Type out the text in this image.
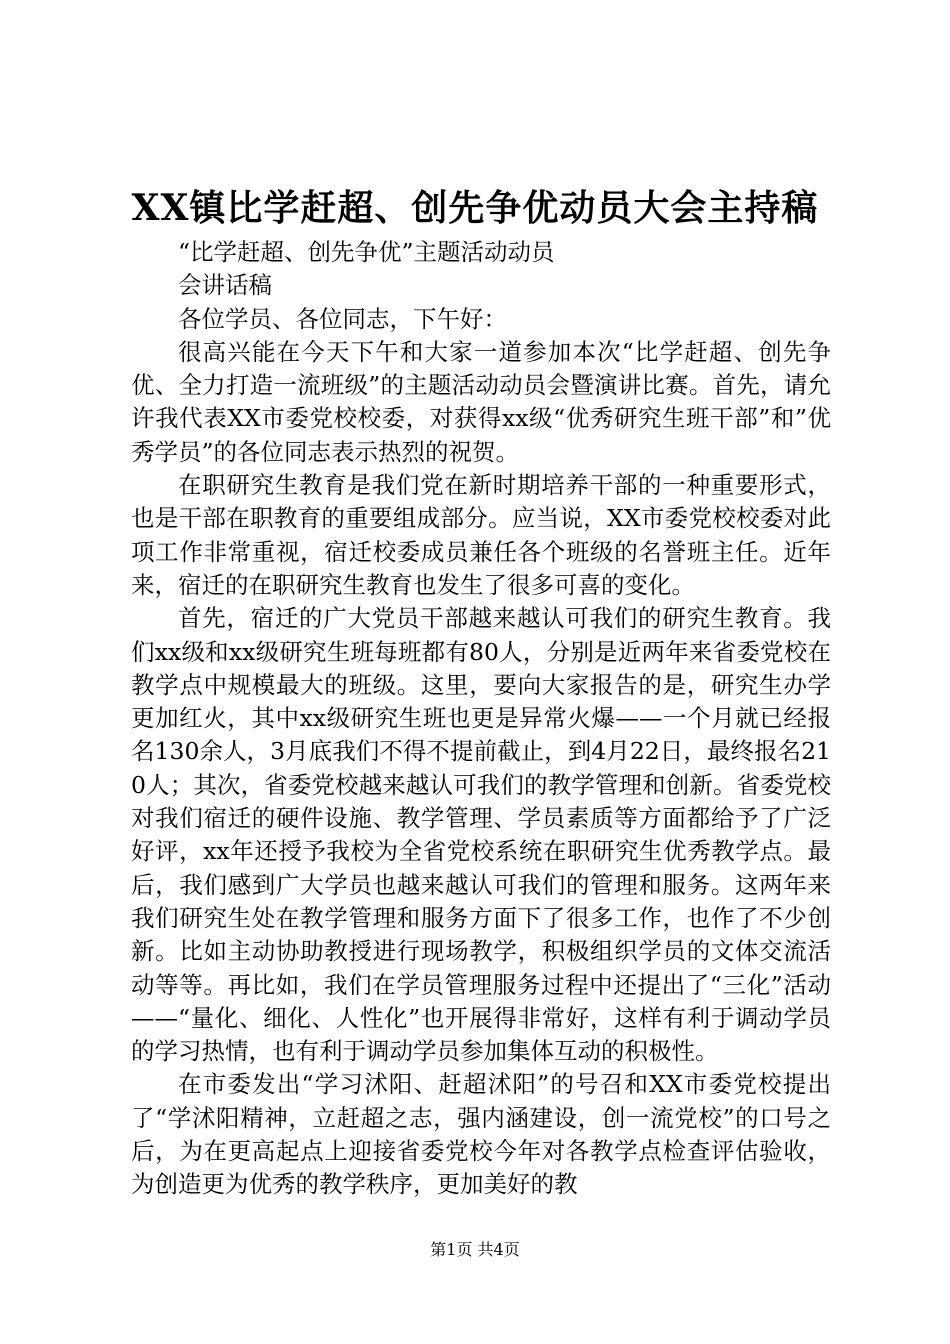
XX镇比学赶超、创先争优动员大会主持稿

“比学赶超、创先争优”主题活动动员

会讲话稿

各位学员、各位同志，下午好：

很高兴能在今天下午和大家一道参加本次“比学赶超、创先争优、全力打造一流班级”的主题活动动员会暨演讲比赛。首先，请允许我代表XX市委党校校委，对获得xx级“优秀研究生班干部”和”优秀学员”的各位同志表示热烈的祝贺。

在职研究生教育是我们党在新时期培养干部的一种重要形式，也是干部在职教育的重要组成部分。应当说，XX市委党校校委对此项工作非常重视，宿迁校委成员兼任各个班级的名誉班主任。近年来，宿迁的在职研究生教育也发生了很多可喜的变化。

首先，宿迁的广大党员干部越来越认可我们的研究生教育。我们xx级和xx级研究生班每班都有80人，分别是近两年来省委党校在教学点中规模最大的班级。这里，要向大家报告的是，研究生办学更加红火，其中xx级研究生班也更是异常火爆——一个月就已经报名130余人，3月底我们不得不提前截止，到4月22日，最终报名210人；其次，省委党校越来越认可我们的教学管理和创新。省委党校对我们宿迁的硬件设施、教学管理、学员素质等方面都给予了广泛好评，xx年还授予我校为全省党校系统在职研究生优秀教学点。最后，我们感到广大学员也越来越认可我们的管理和服务。这两年来我们研究生处在教学管理和服务方面下了很多工作，也作了不少创新。比如主动协助教授进行现场教学，积极组织学员的文体交流活动等等。再比如，我们在学员管理服务过程中还提出了“三化”活动——“量化、细化、人性化”也开展得非常好，这样有利于调动学员的学习热情，也有利于调动学员参加集体互动的积极性。

在市委发出“学习沭阳、赶超沭阳”的号召和XX市委党校提出了“学沭阳精神，立赶超之志，强内涵建设，创一流党校”的口号之后，为在更高起点上迎接省委党校今年对各教学点检查评估验收，为创造更为优秀的教学秩序，更加美好的教

第1页 共4页
